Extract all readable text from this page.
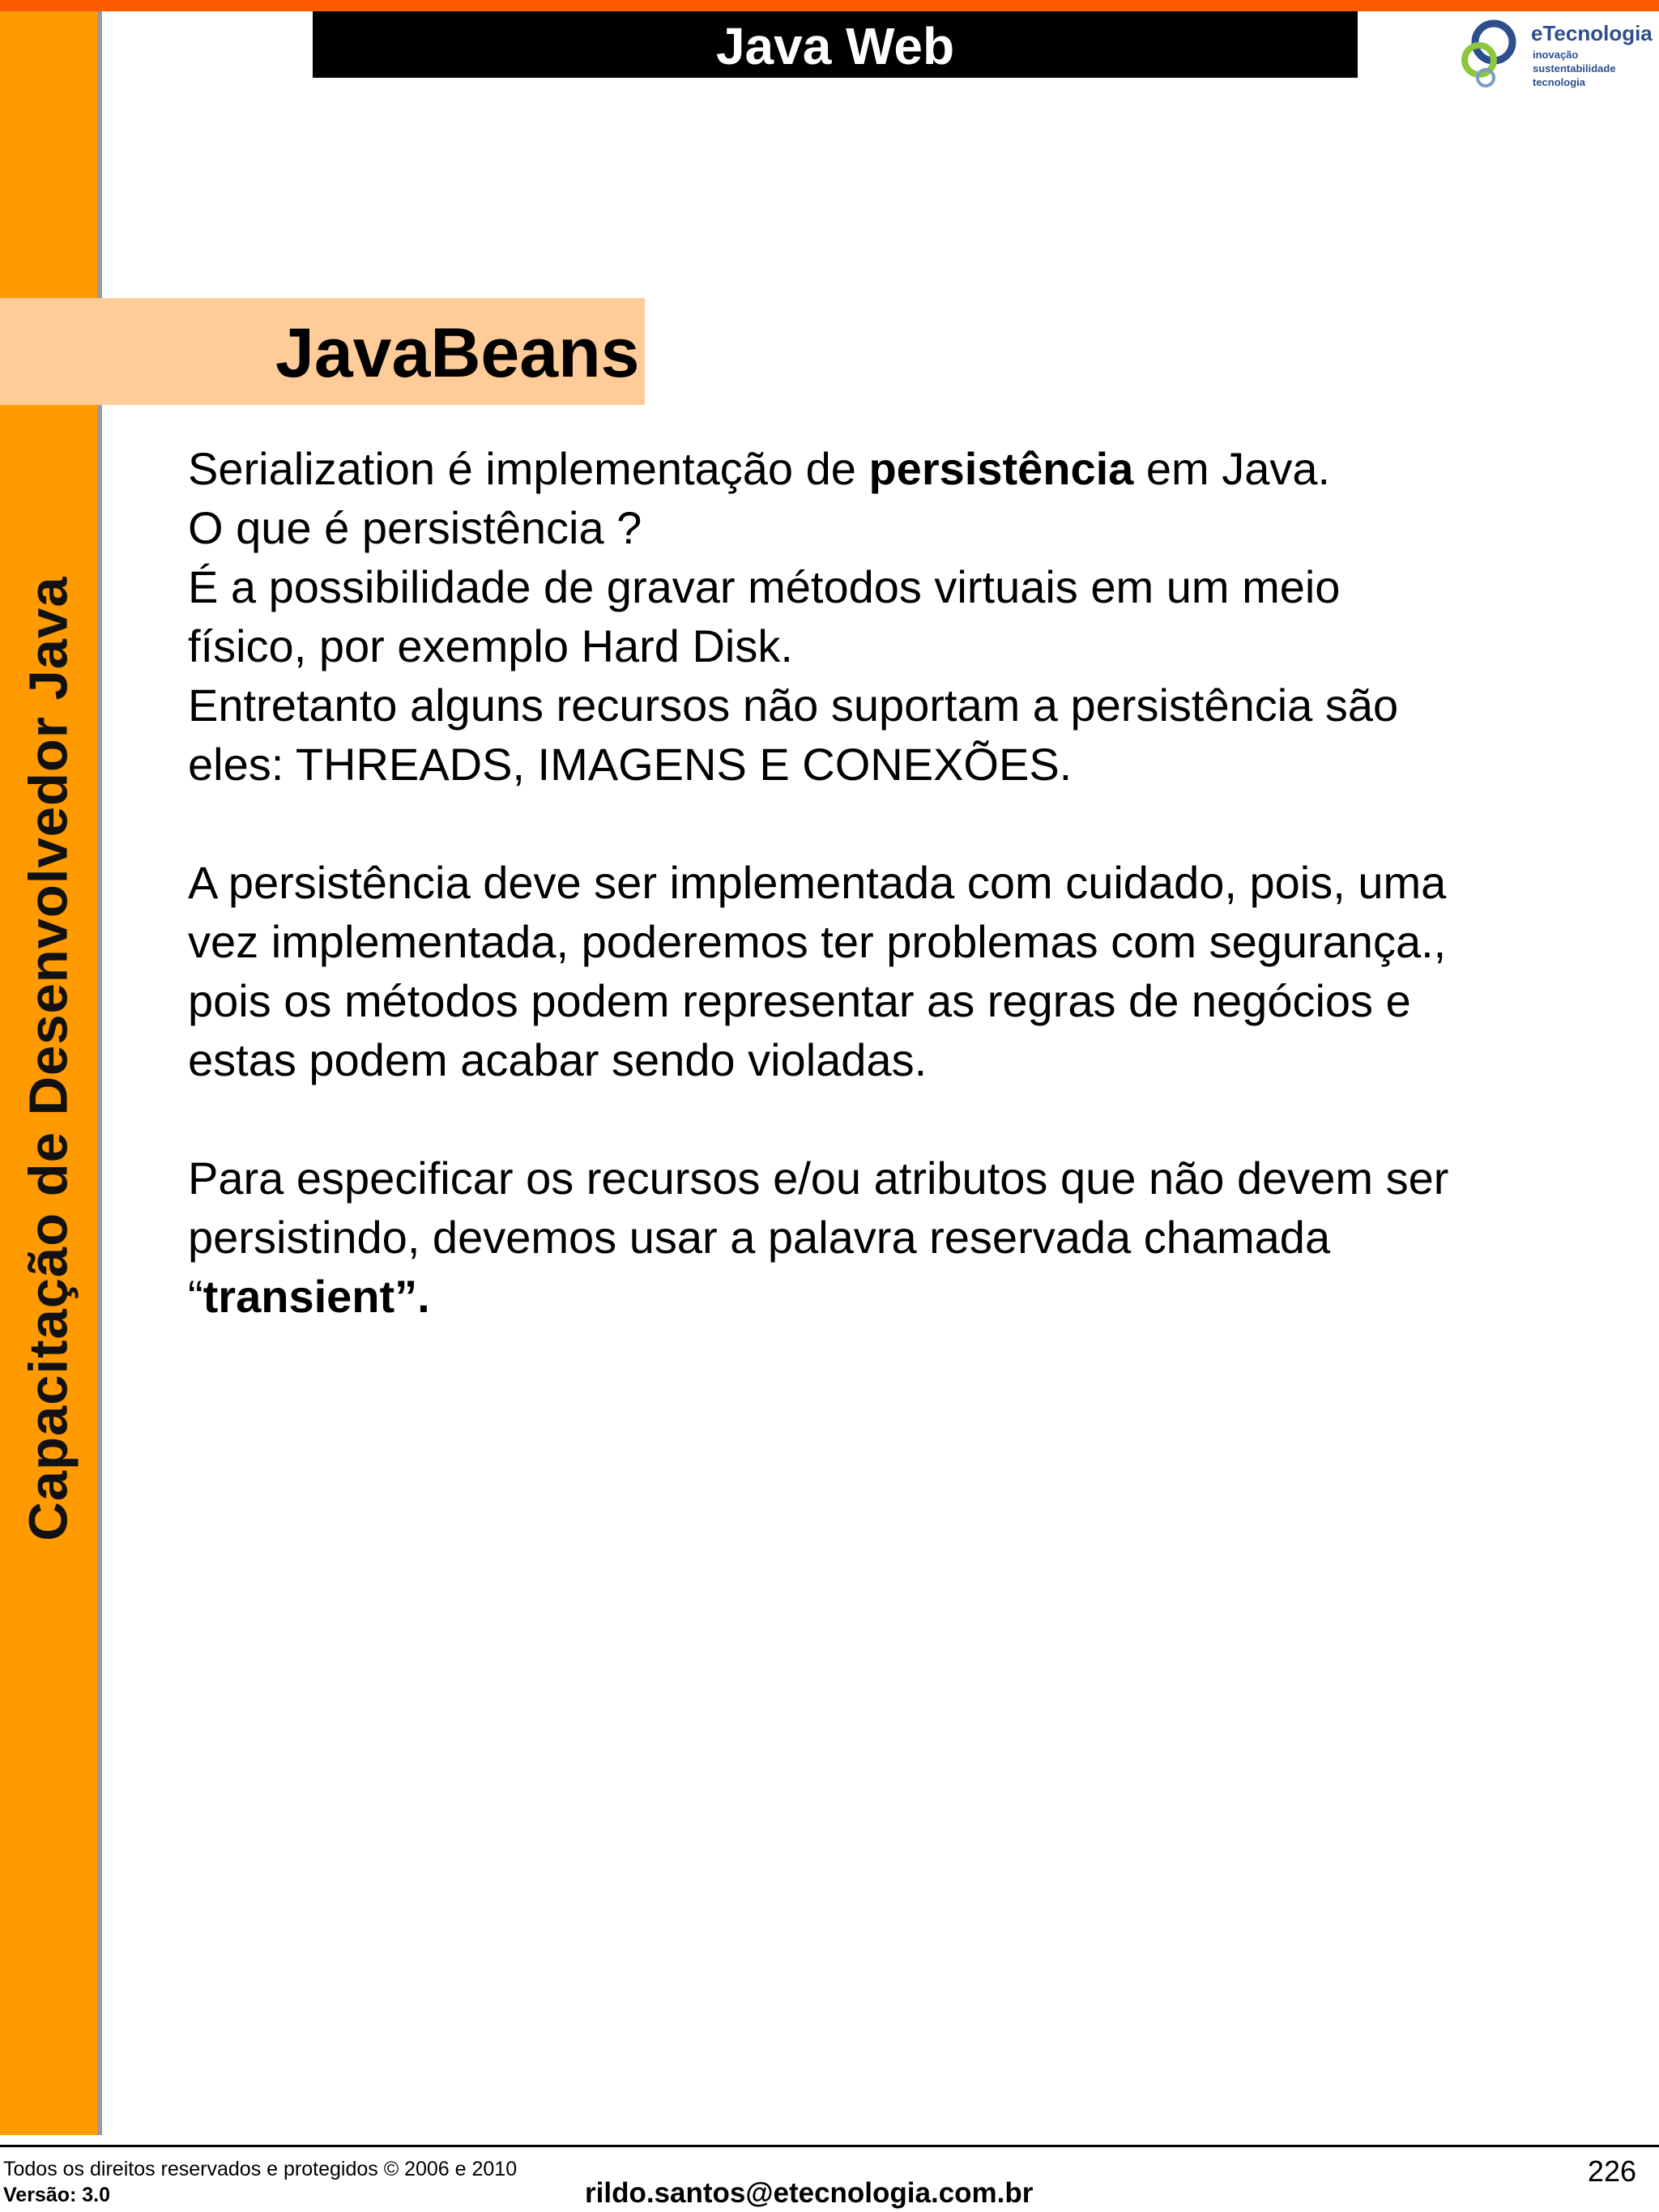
Capacitação de Desenvolvedor Java
Java Web	eTecnologia
inovação
sustentabilidade
tecnologia
JavaBeans
Serialization é implementação de persistência em Java.
O que é persistência ?
É a possibilidade de gravar métodos virtuais em um meio
físico, por exemplo Hard Disk.
Entretanto alguns recursos não suportam a persistência são
eles: THREADS, IMAGENS E CONEXÕES.
A persistência deve ser implementada com cuidado, pois, uma
vez implementada, poderemos ter problemas com segurança.,
pois os métodos podem representar as regras de negócios e
estas podem acabar sendo violadas.
Para especificar os recursos e/ou atributos que não devem ser
persistindo, devemos usar a palavra reservada chamada
“transient”.
Todos os direitos reservados e protegidos © 2006 e 2010
Versão: 3.0	rildo.santos@etecnologia.com.br
226
